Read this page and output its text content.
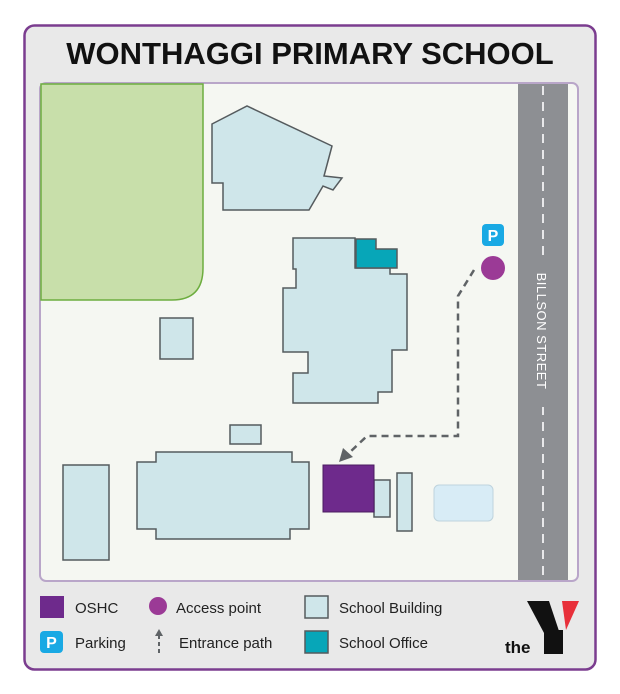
WONTHAGGI PRIMARY SCHOOL
BILLSON STREET
P
OSHC	Access point	School Building
P Parking	Entrance path	School Office	the
